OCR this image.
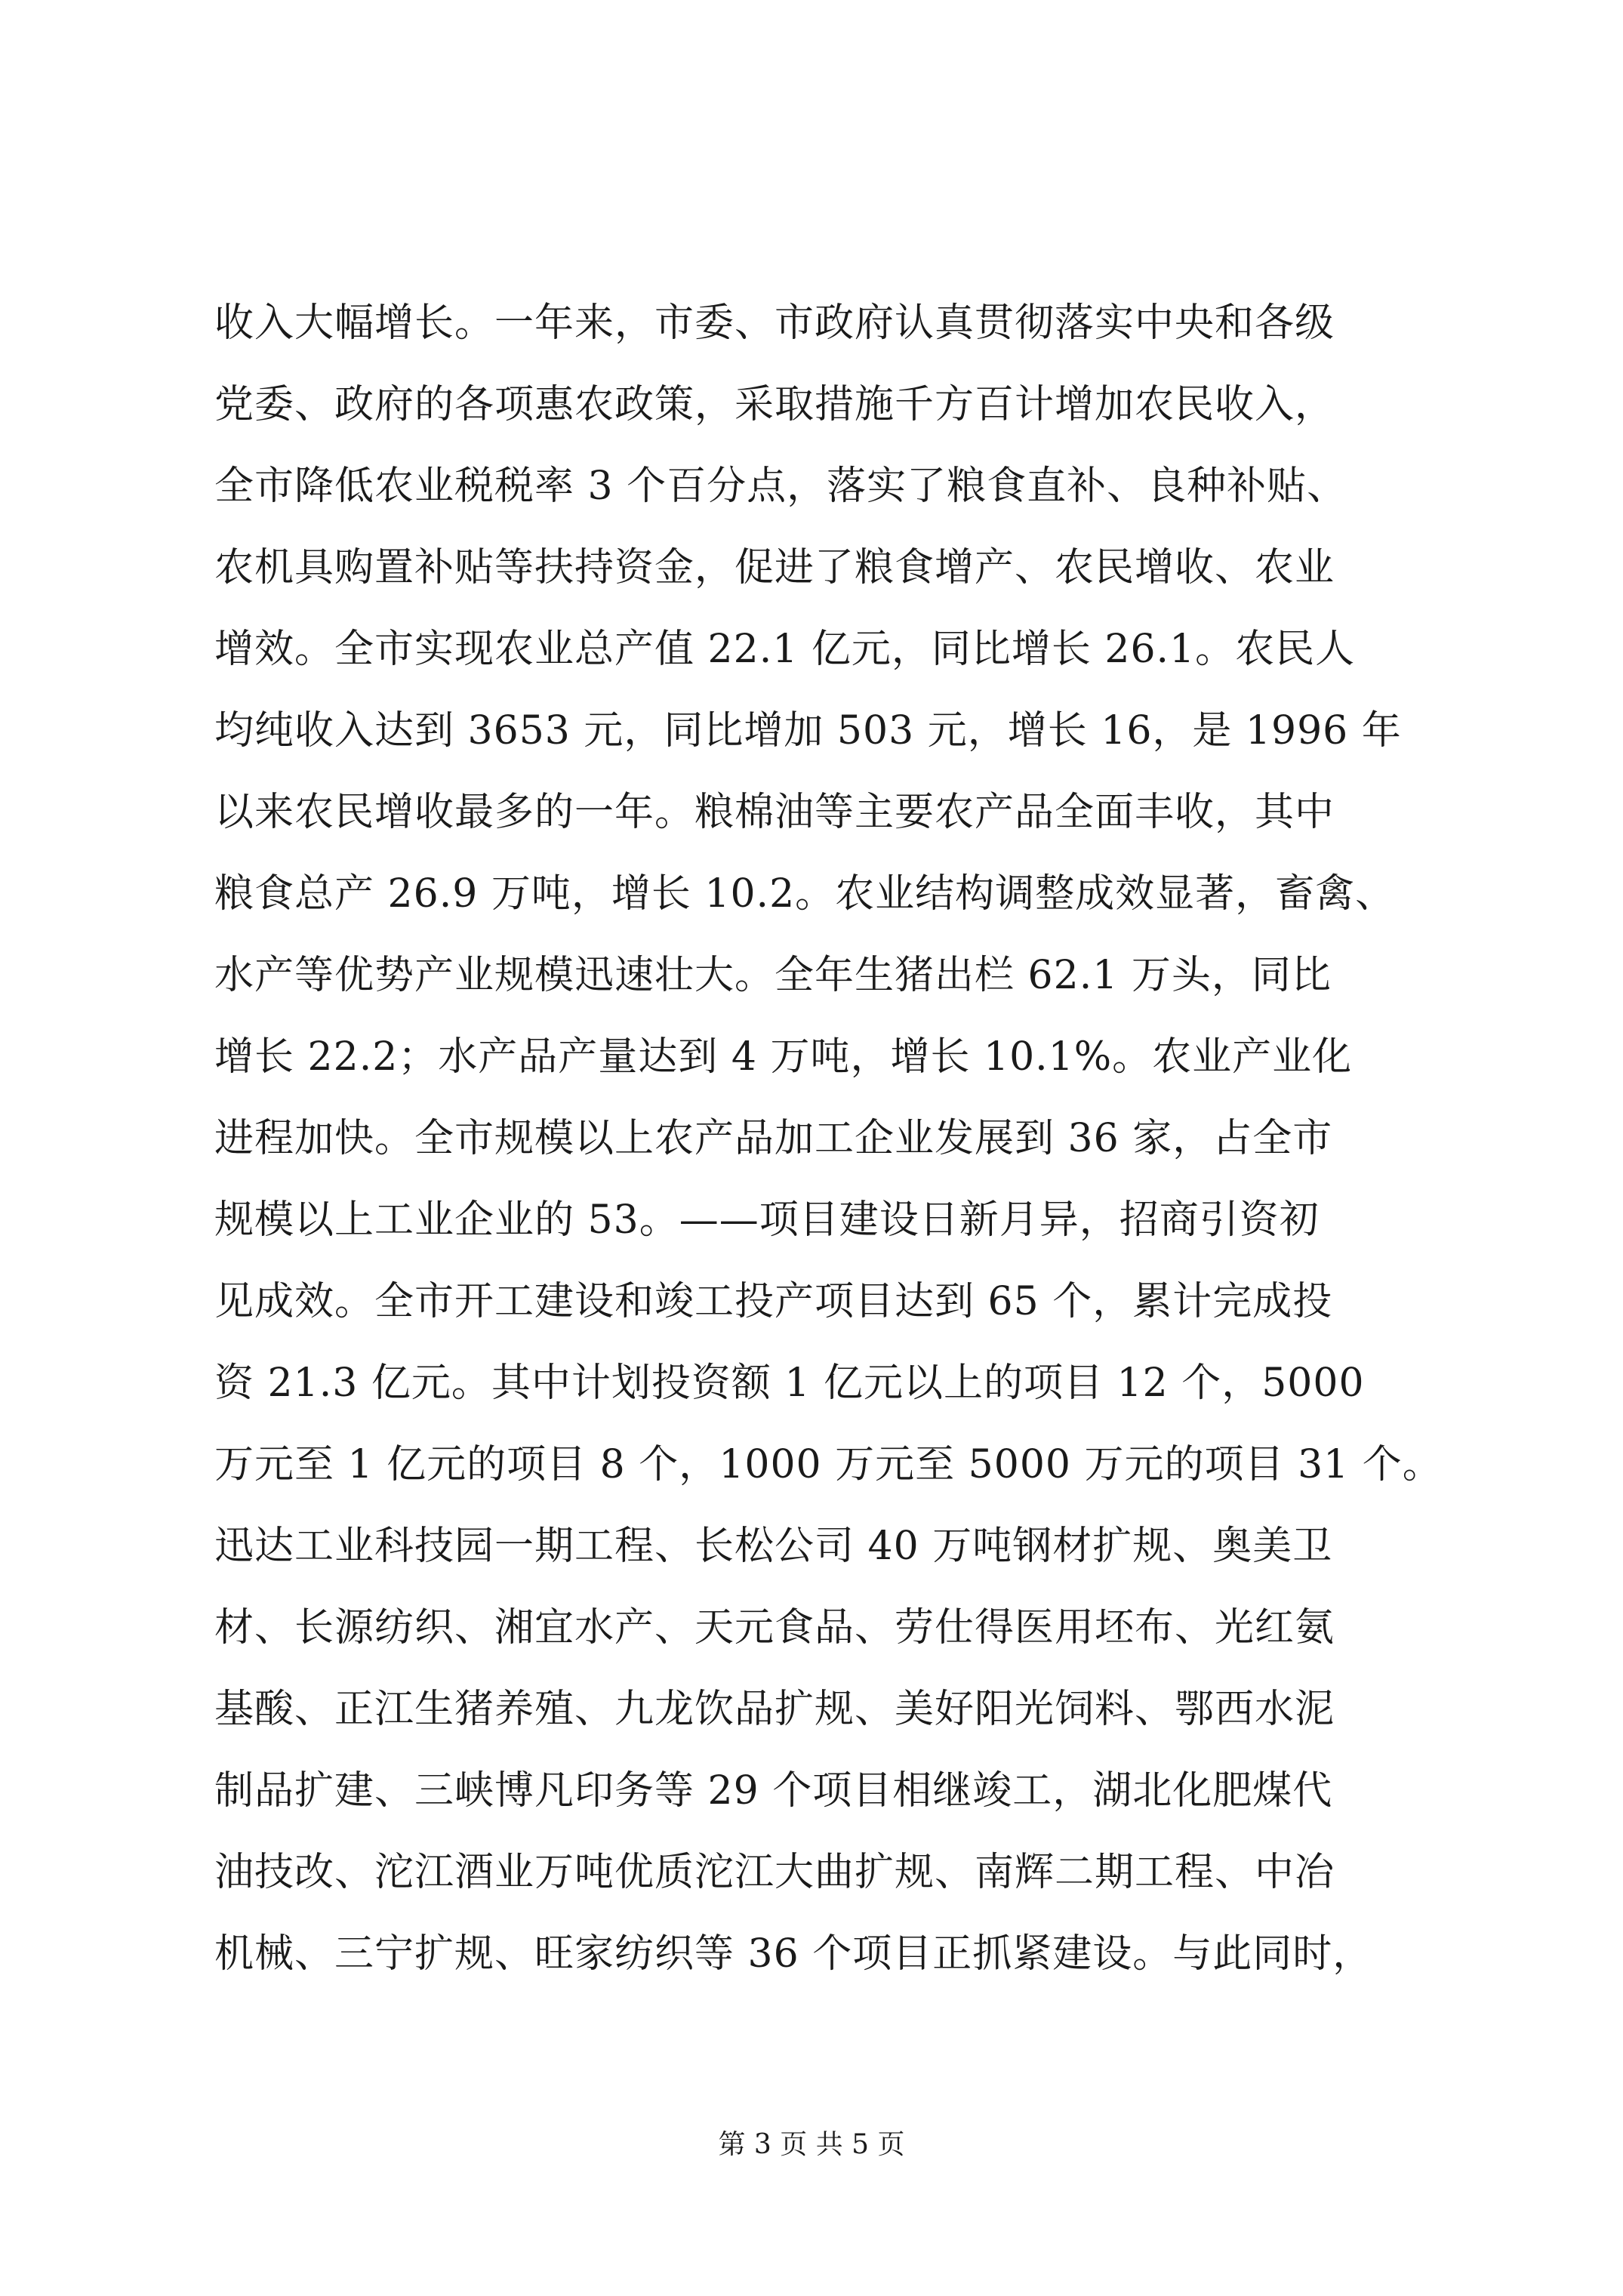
收入大幅增长。一年来，市委、市政府认真贯彻落实中央和各级
党委、政府的各项惠农政策，采取措施千方百计增加农民收入，
全市降低农业税税率 3 个百分点，落实了粮食直补、良种补贴、
农机具购置补贴等扶持资金，促进了粮食增产、农民增收、农业
增效。全市实现农业总产值 22.1 亿元，同比增长 26.1。农民人
均纯收入达到 3653 元，同比增加 503 元，增长 16，是 1996 年
以来农民增收最多的一年。粮棉油等主要农产品全面丰收，其中
粮食总产 26.9 万吨，增长 10.2。农业结构调整成效显著，畜禽、
水产等优势产业规模迅速壮大。全年生猪出栏 62.1 万头，同比
增长 22.2；水产品产量达到 4 万吨，增长 10.1%。农业产业化
进程加快。全市规模以上农产品加工企业发展到 36 家，占全市
规模以上工业企业的 53。——项目建设日新月异，招商引资初
见成效。全市开工建设和竣工投产项目达到 65 个，累计完成投
资 21.3 亿元。其中计划投资额 1 亿元以上的项目 12 个，5000
万元至 1 亿元的项目 8 个，1000 万元至 5000 万元的项目 31 个。
迅达工业科技园一期工程、长松公司 40 万吨钢材扩规、奥美卫
材、长源纺织、湘宜水产、天元食品、劳仕得医用坯布、光红氨
基酸、正江生猪养殖、九龙饮品扩规、美好阳光饲料、鄂西水泥
制品扩建、三峡博凡印务等 29 个项目相继竣工，湖北化肥煤代
油技改、沱江酒业万吨优质沱江大曲扩规、南辉二期工程、中冶
机械、三宁扩规、旺家纺织等 36 个项目正抓紧建设。与此同时，
第 3 页 共 5 页
